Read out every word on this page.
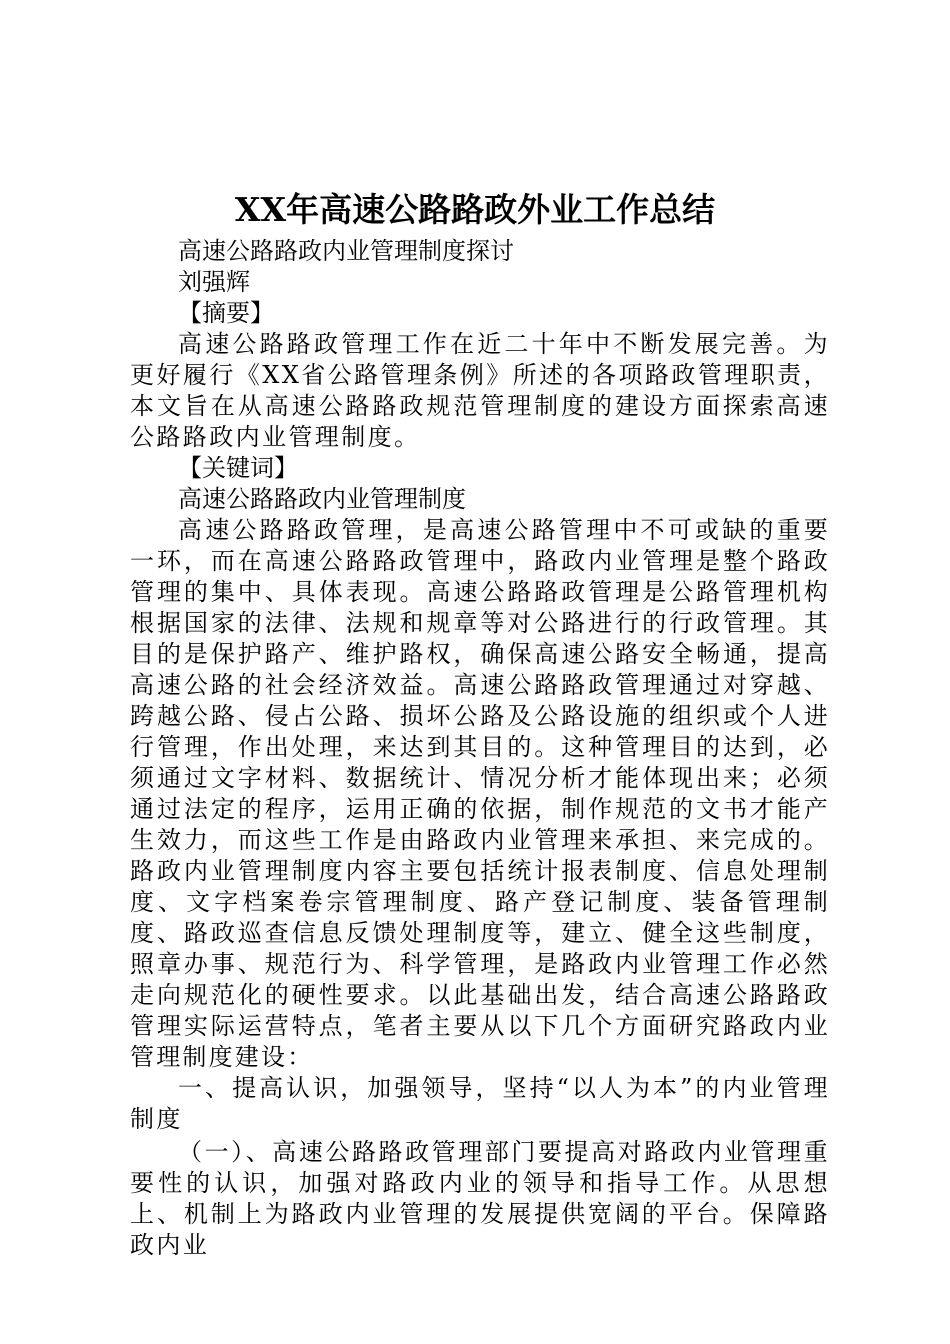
XX年高速公路路政外业工作总结

高速公路路政内业管理制度探讨

刘强辉

【摘要】

高速公路路政管理工作在近二十年中不断发展完善。为更好履行《XX省公路管理条例》所述的各项路政管理职责，本文旨在从高速公路路政规范管理制度的建设方面探索高速公路路政内业管理制度。

【关键词】

高速公路路政内业管理制度

高速公路路政管理，是高速公路管理中不可或缺的重要一环，而在高速公路路政管理中，路政内业管理是整个路政管理的集中、具体表现。高速公路路政管理是公路管理机构根据国家的法律、法规和规章等对公路进行的行政管理。其目的是保护路产、维护路权，确保高速公路安全畅通，提高高速公路的社会经济效益。高速公路路政管理通过对穿越、跨越公路、侵占公路、损坏公路及公路设施的组织或个人进行管理，作出处理，来达到其目的。这种管理目的达到，必须通过文字材料、数据统计、情况分析才能体现出来；必须通过法定的程序，运用正确的依据，制作规范的文书才能产生效力，而这些工作是由路政内业管理来承担、来完成的。路政内业管理制度内容主要包括统计报表制度、信息处理制度、文字档案卷宗管理制度、路产登记制度、装备管理制度、路政巡查信息反馈处理制度等，建立、健全这些制度，照章办事、规范行为、科学管理，是路政内业管理工作必然走向规范化的硬性要求。以此基础出发，结合高速公路路政管理实际运营特点，笔者主要从以下几个方面研究路政内业管理制度建设：

一、提高认识，加强领导，坚持“以人为本”的内业管理制度

（一）、高速公路路政管理部门要提高对路政内业管理重要性的认识，加强对路政内业的领导和指导工作。从思想上、机制上为路政内业管理的发展提供宽阔的平台。保障路政内业
